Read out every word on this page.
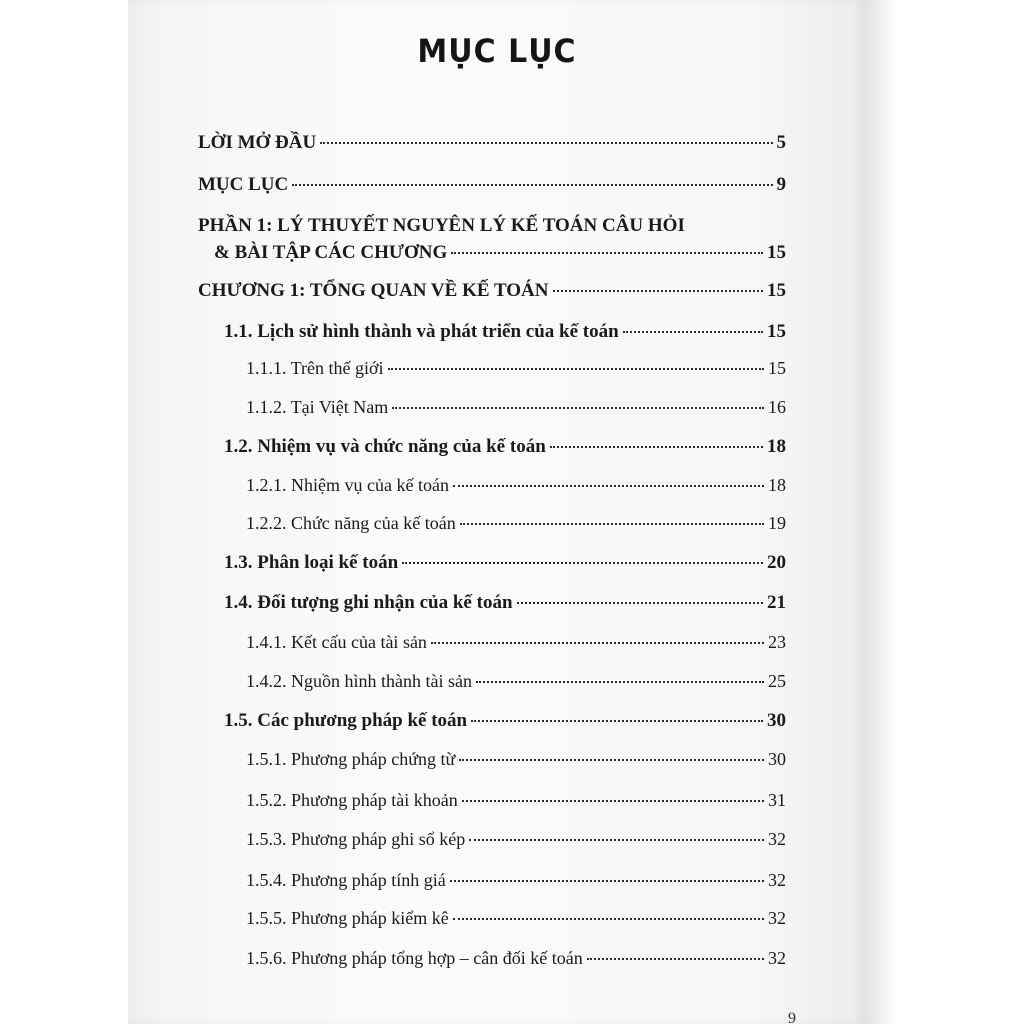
MỤC LỤC
LỜI MỞ ĐẦU	5
MỤC LỤC	9
PHẦN 1: LÝ THUYẾT NGUYÊN LÝ KẾ TOÁN CÂU HỎI
& BÀI TẬP CÁC CHƯƠNG	15
CHƯƠNG 1: TỔNG QUAN VỀ KẾ TOÁN	15
1.1. Lịch sử hình thành và phát triển của kế toán	15
1.1.1. Trên thế giới	15
1.1.2. Tại Việt Nam	16
1.2. Nhiệm vụ và chức năng của kế toán	18
1.2.1. Nhiệm vụ của kế toán	18
1.2.2. Chức năng của kế toán	19
1.3. Phân loại kế toán	20
1.4. Đối tượng ghi nhận của kế toán	21
1.4.1. Kết cấu của tài sản	23
1.4.2. Nguồn hình thành tài sản	25
1.5. Các phương pháp kế toán	30
1.5.1. Phương pháp chứng từ	30
1.5.2. Phương pháp tài khoản	31
1.5.3. Phương pháp ghi sổ kép	32
1.5.4. Phương pháp tính giá	32
1.5.5. Phương pháp kiểm kê	32
1.5.6. Phương pháp tổng hợp – cân đối kế toán	32
9
